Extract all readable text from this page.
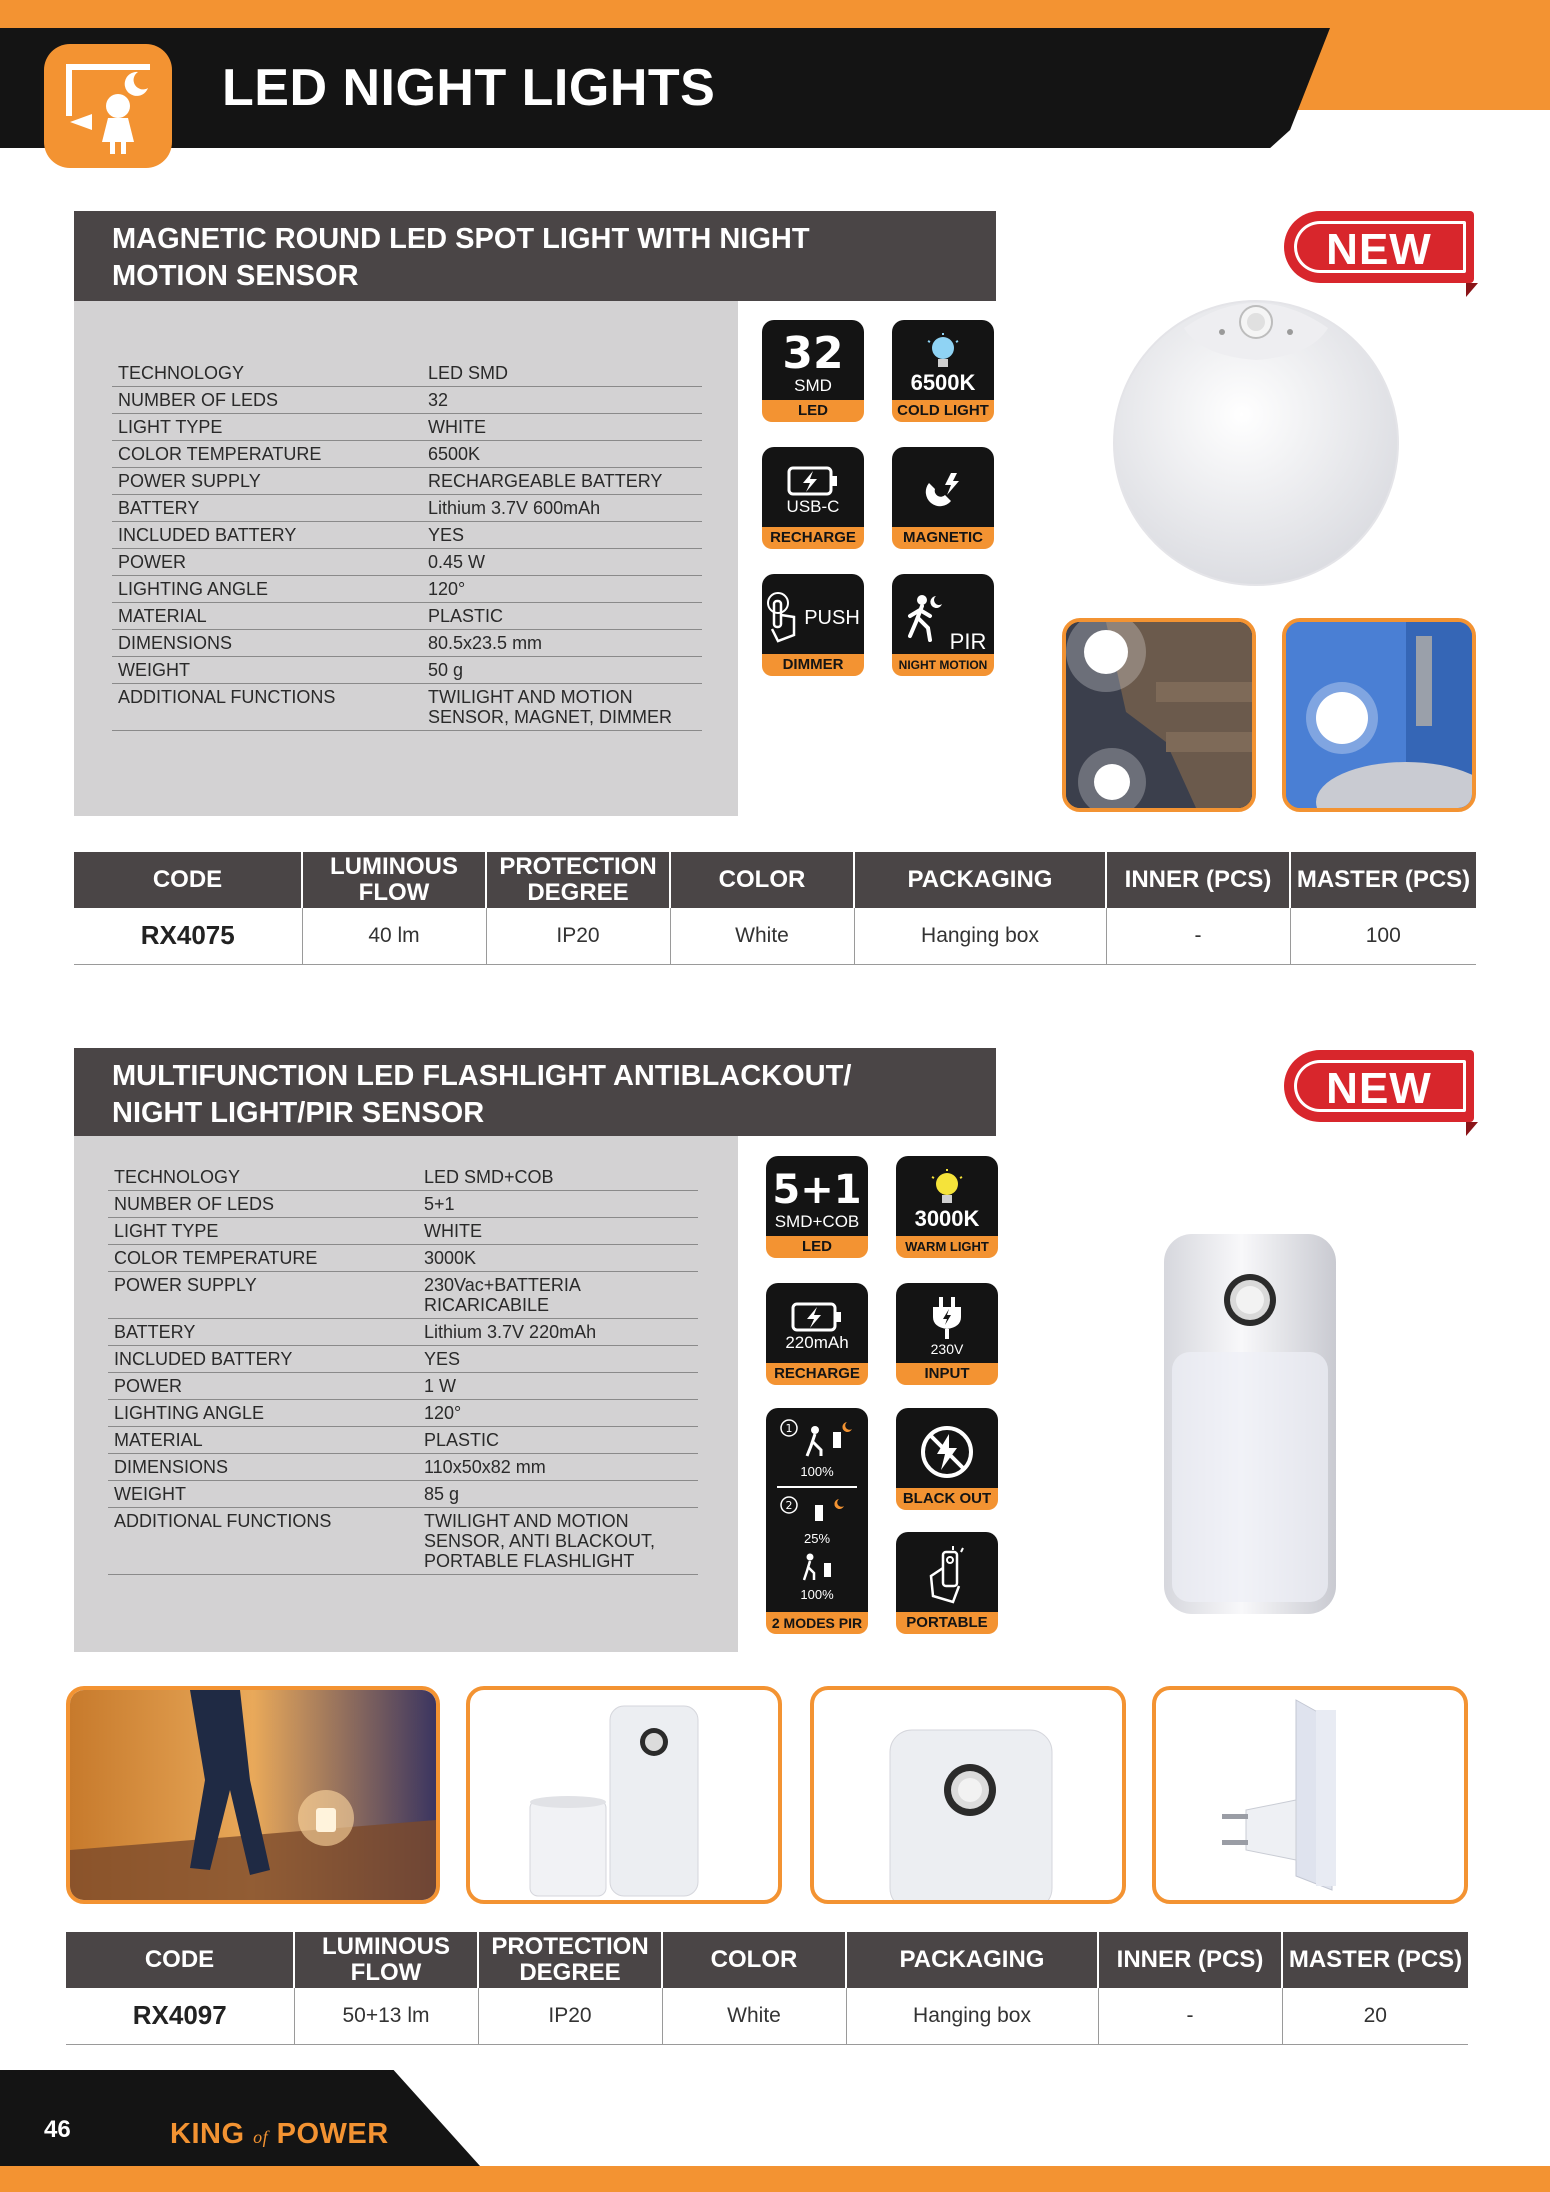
LED NIGHT LIGHTS
MAGNETIC ROUND LED SPOT LIGHT WITH NIGHT
MOTION SENSOR
TECHNOLOGY	LED SMD
NUMBER OF LEDS	32
LIGHT TYPE	WHITE
COLOR TEMPERATURE	6500K
POWER SUPPLY	RECHARGEABLE BATTERY
BATTERY	Lithium 3.7V 600mAh
INCLUDED BATTERY	YES
POWER	0.45 W
LIGHTING ANGLE	120°
MATERIAL	PLASTIC
DIMENSIONS	80.5x23.5 mm
WEIGHT	50 g
ADDITIONAL FUNCTIONS	TWILIGHT AND MOTION SENSOR, MAGNET, DIMMER
32
SMD
LED
6500K
COLD LIGHT
USB-C
RECHARGE	MAGNETIC
PUSH
DIMMER
PIR
NIGHT MOTION
NEW
CODE	LUMINOUS FLOW	PROTECTION DEGREE	COLOR	PACKAGING	INNER (PCS)	MASTER (PCS)
RX4075	40 lm	IP20	White	Hanging box	-	100
MULTIFUNCTION LED FLASHLIGHT ANTIBLACKOUT/
NIGHT LIGHT/PIR SENSOR
TECHNOLOGY	LED SMD+COB
NUMBER OF LEDS	5+1
LIGHT TYPE	WHITE
COLOR TEMPERATURE	3000K
POWER SUPPLY	230Vac+BATTERIA RICARICABILE
BATTERY	Lithium 3.7V 220mAh
INCLUDED BATTERY	YES
POWER	1 W
LIGHTING ANGLE	120°
MATERIAL	PLASTIC
DIMENSIONS	110x50x82 mm
WEIGHT	85 g
ADDITIONAL FUNCTIONS	TWILIGHT AND MOTION SENSOR, ANTI BLACKOUT, PORTABLE FLASHLIGHT
5+1
SMD+COB
LED
3000K
WARM LIGHT
220mAh
RECHARGE
230V
INPUT
1
100%
2
25%
100%
2 MODES PIR
BLACK OUT
PORTABLE
NEW
CODE	LUMINOUS FLOW	PROTECTION DEGREE	COLOR	PACKAGING	INNER (PCS)	MASTER (PCS)
RX4097	50+13 lm	IP20	White	Hanging box	-	20
46	KING of POWER
